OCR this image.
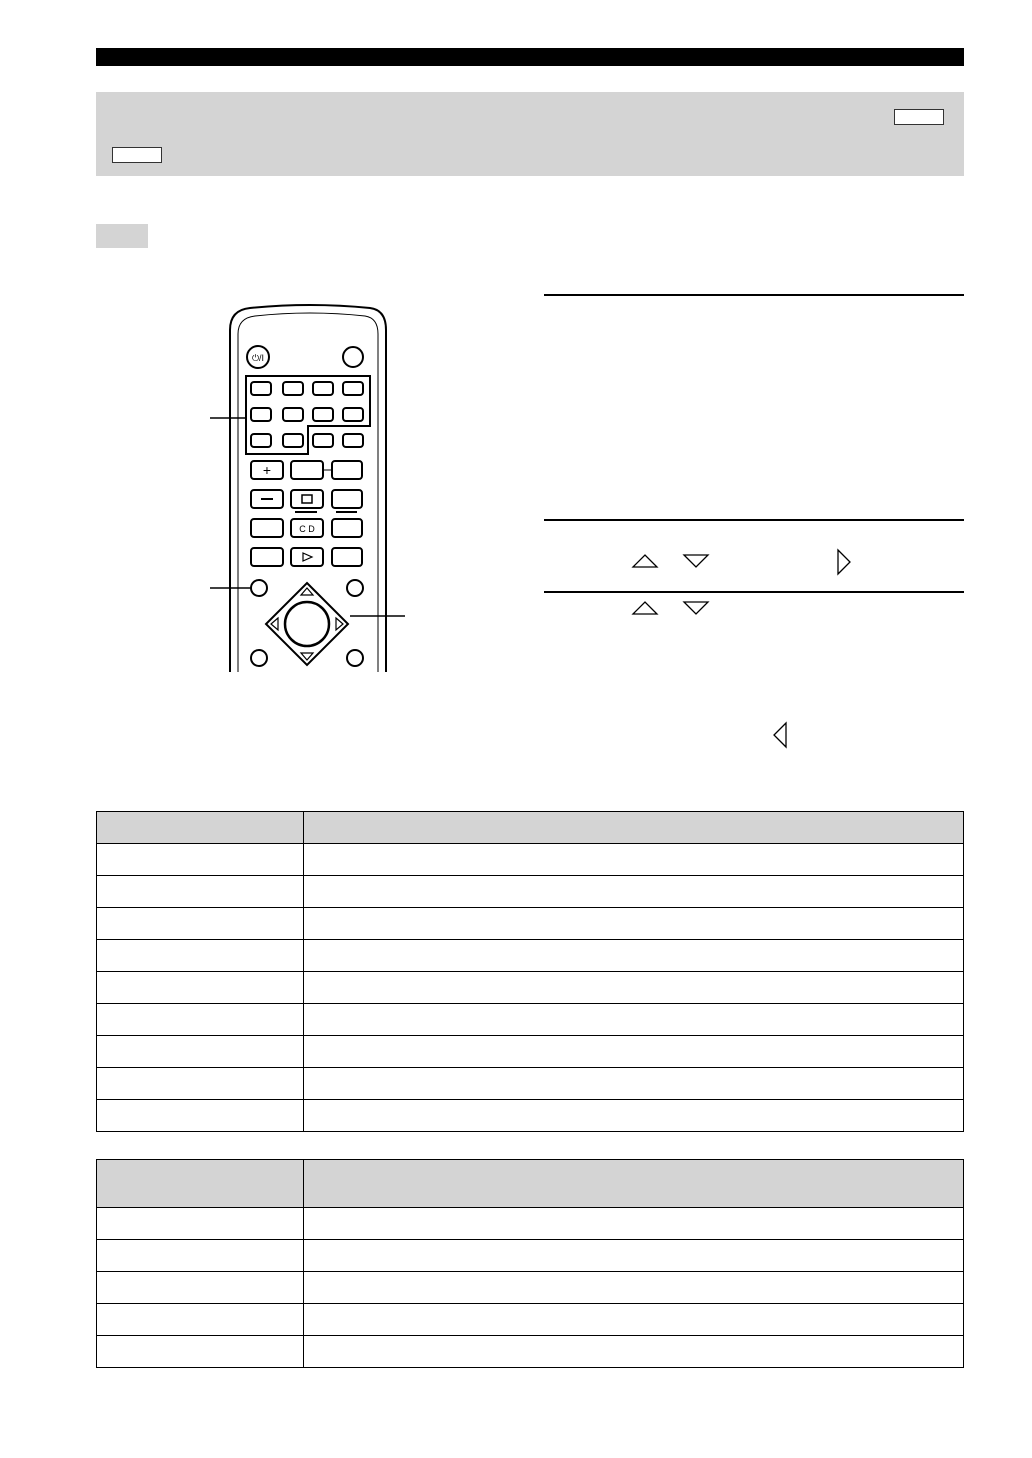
⏻/I
+
C D
